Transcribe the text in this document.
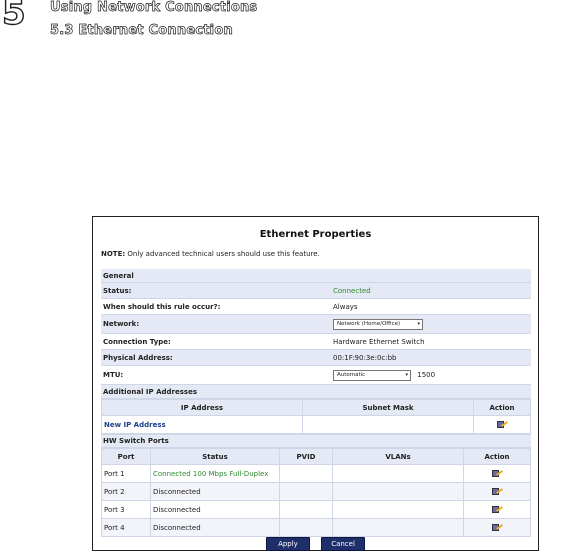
5 Using Network Connections
5.3 Ethernet Connection
Ethernet Properties
NOTE: Only advanced technical users should use this feature.
General
Status:	Connected
When should this rule occur?:	Always
Network:	Network (Home/Office)	▾
Connection Type:	Hardware Ethernet Switch
Physical Address:	00:1F:90:3e:0c:bb
MTU:	Automatic	▾ 1500
Additional IP Addresses
IP Address	Subnet Mask	Action
New IP Address		
HW Switch Ports
Port	Status	PVID	VLANs	Action
Port 1	Connected 100 Mbps Full-Duplex			

Port 2	Disconnected			

Port 3	Disconnected			

Port 4	Disconnected			
Apply	Cancel
